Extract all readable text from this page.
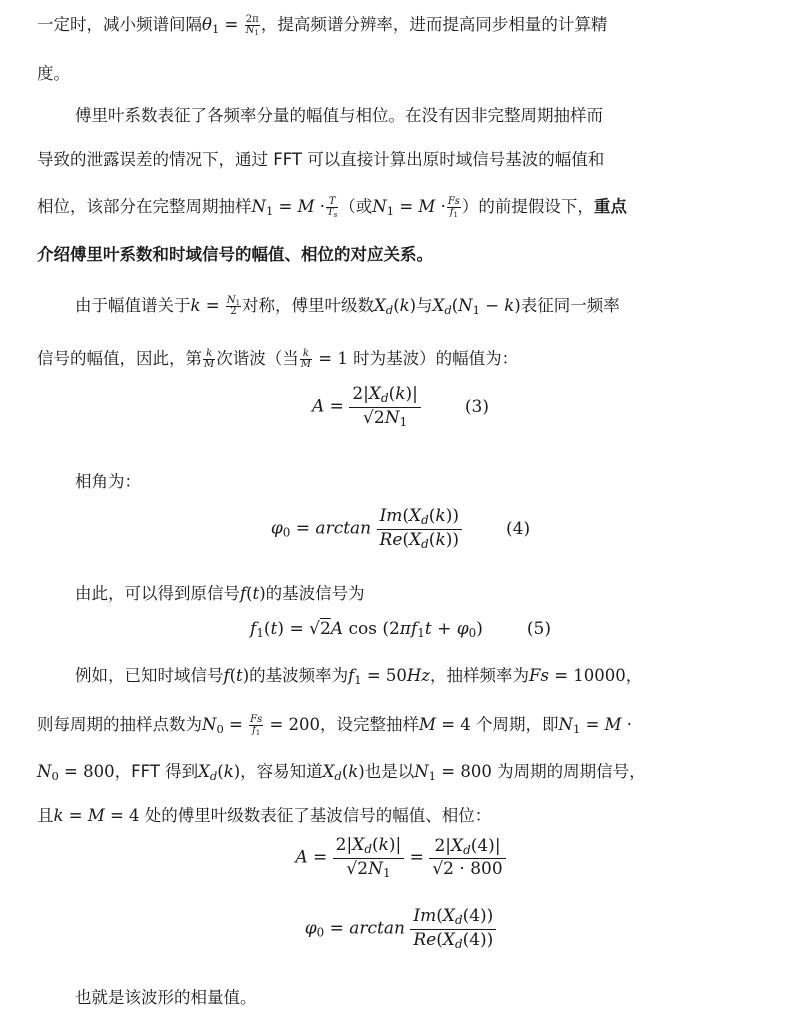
一定时，减小频谱间隔$\theta_1 = \frac{2\pi}{N_1}$ ，提高频谱分辨率，进而提高同步相量的计算精
度。
傅里叶系数表征了各频率分量的幅值与相位。在没有因非完整周期抽样而
导致的泄露误差的情况下，通过 FFT 可以直接计算出原时域信号基波的幅值和
相位，该部分在完整周期抽样$N_1 = M \cdot \frac{T}{T_s}$ （或$N_1 = M \cdot \frac{Fs}{f_1}$ ）的前提假设下，重点
介绍傅里叶系数和时域信号的幅值、相位的对应关系。
由于幅值谱关于$k = \frac{N_1}{2}$ 对称，傅里叶级数$X_d(k)$与$X_d(N_1 - k)$表征同一频率
信号的幅值，因此，第 $\frac{k}{M}$ 次谐波（当 $\frac{k}{M} = 1$ 时为基波）的幅值为：
$A = \frac{2|X_d(k)|}{√2N_1}$	(3)
相角为：
$\varphi_0 = \arctan \frac{Im(X_d(k))}{Re(X_d(k))}$	(4)
由此，可以得到原信号f(t)的基波信号为
$f_1(t) = √2A$ $\cos (2\pi f_1t + \varphi_0)$	(5)
例如，已知时域信号f(t)的基波频率为$f_1 = 50Hz$，抽样频率为Fs = 10000，
则每周期的抽样点数为$N_0 = \frac{Fs}{f_1} = 200$，设完整抽样M = 4 个周期，即$N_1 = M$ ·
$N_0 = 800$，FFT 得到$X_d(k)$，容易知道$X_d(k)$也是以$N_1 = 800$ 为周期的周期信号，
且k = M = 4 处的傅里叶级数表征了基波信号的幅值、相位：
$A = \frac{2|X_d(k)|}{√2N_1} = \frac{2|X_d(4)|}{√2 \cdot 800}$
$\varphi_0 = \arctan \frac{Im(X_d(4))}{Re(X_d(4))}$
也就是该波形的相量值。
